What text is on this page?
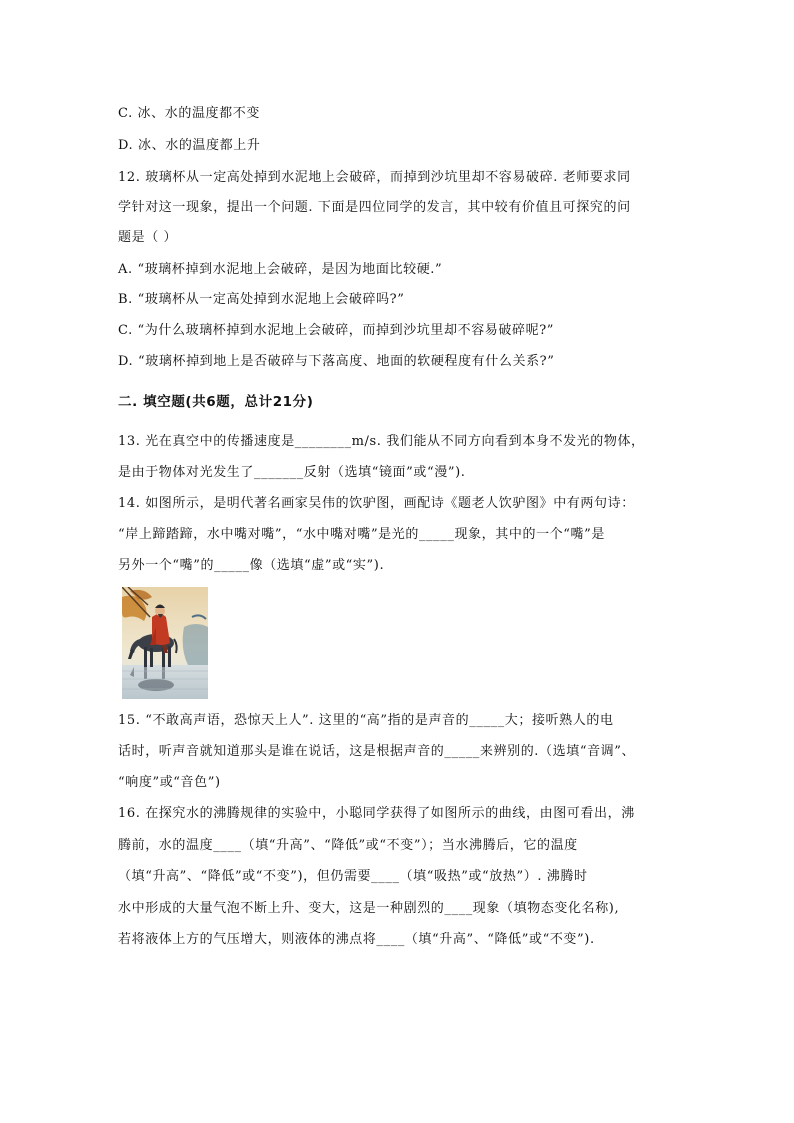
C. 冰、水的温度都不变
D. 冰、水的温度都上升
12. 玻璃杯从一定高处掉到水泥地上会破碎，而掉到沙坑里却不容易破碎. 老师要求同
学针对这一现象，提出一个问题. 下面是四位同学的发言，其中较有价值且可探究的问
题是（ ）
A. “玻璃杯掉到水泥地上会破碎，是因为地面比较硬.”
B. “玻璃杯从一定高处掉到水泥地上会破碎吗?”
C. “为什么玻璃杯掉到水泥地上会破碎，而掉到沙坑里却不容易破碎呢?”
D. “玻璃杯掉到地上是否破碎与下落高度、地面的软硬程度有什么关系?”
二. 填空题(共6题，总计21分)
13. 光在真空中的传播速度是________m/s. 我们能从不同方向看到本身不发光的物体，
是由于物体对光发生了_______反射（选填“镜面”或“漫”).
14. 如图所示，是明代著名画家吴伟的饮驴图，画配诗《题老人饮驴图》中有两句诗：
“岸上蹄踏蹄，水中嘴对嘴”，“水中嘴对嘴”是光的_____现象，其中的一个“嘴”是
另外一个“嘴”的_____像（选填“虚”或“实”).
15. “不敢高声语，恐惊天上人”. 这里的“高”指的是声音的_____大；接听熟人的电
话时，听声音就知道那头是谁在说话，这是根据声音的_____来辨别的.（选填“音调”、
“响度”或“音色”)
16. 在探究水的沸腾规律的实验中，小聪同学获得了如图所示的曲线，由图可看出，沸
腾前，水的温度____（填“升高”、“降低”或“不变”）；当水沸腾后，它的温度
（填“升高”、“降低”或“不变”)，但仍需要____（填“吸热”或“放热”）. 沸腾时
水中形成的大量气泡不断上升、变大，这是一种剧烈的____现象（填物态变化名称),
若将液体上方的气压增大，则液体的沸点将____（填“升高”、“降低”或“不变”).
